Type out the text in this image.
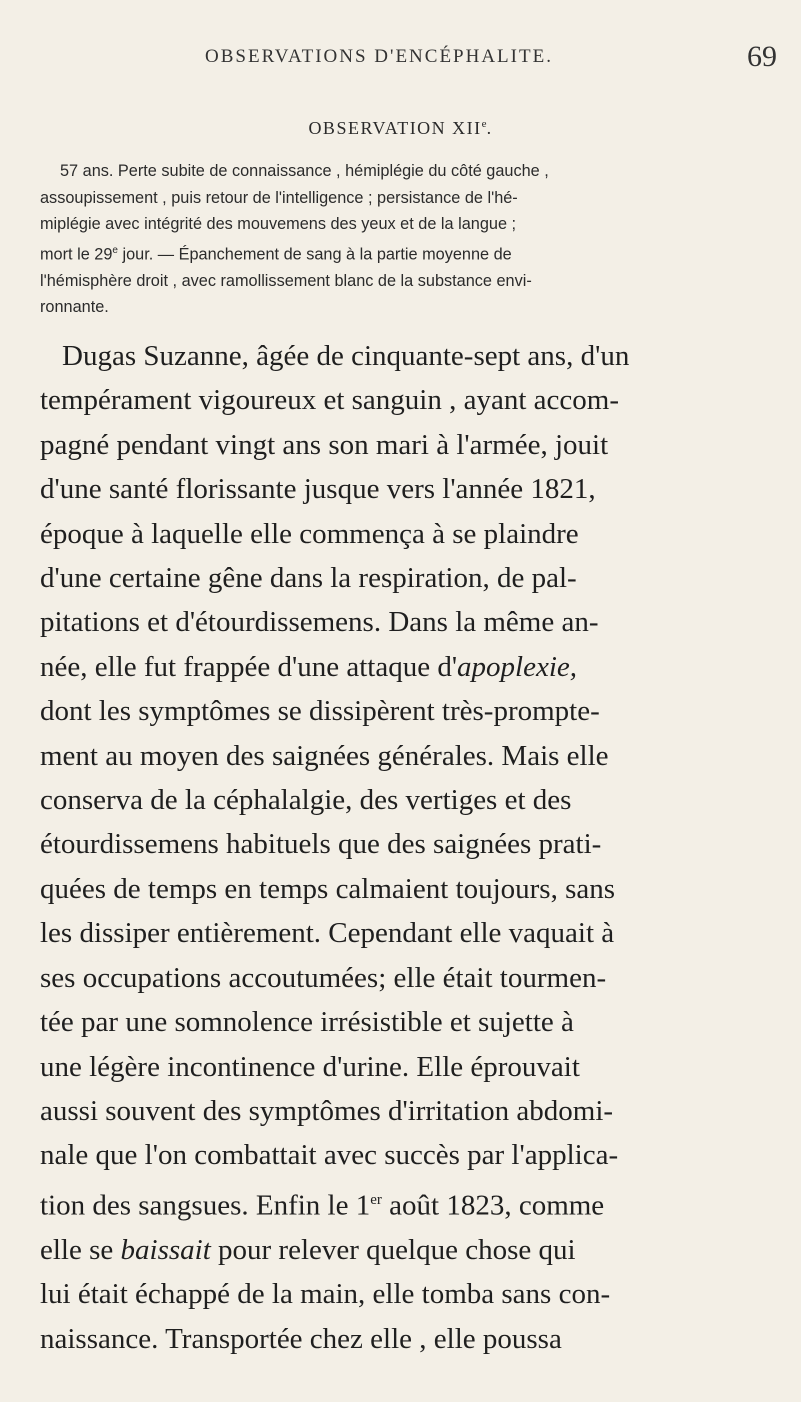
OBSERVATIONS D'ENCÉPHALITE.	69
OBSERVATION XIIe.
57 ans. Perte subite de connaissance , hémiplégie du côté gauche ,
assoupissement , puis retour de l'intelligence ; persistance de l'hé-
miplégie avec intégrité des mouvemens des yeux et de la langue ;
mort le 29e jour. — Épanchement de sang à la partie moyenne de
l'hémisphère droit , avec ramollissement blanc de la substance envi-
ronnante.
Dugas Suzanne, âgée de cinquante-sept ans, d'un
tempérament vigoureux et sanguin , ayant accom-
pagné pendant vingt ans son mari à l'armée, jouit
d'une santé florissante jusque vers l'année 1821,
époque à laquelle elle commença à se plaindre
d'une certaine gêne dans la respiration, de pal-
pitations et d'étourdissemens. Dans la même an-
née, elle fut frappée d'une attaque d'apoplexie,
dont les symptômes se dissipèrent très-prompte-
ment au moyen des saignées générales. Mais elle
conserva de la céphalalgie, des vertiges et des
étourdissemens habituels que des saignées prati-
quées de temps en temps calmaient toujours, sans
les dissiper entièrement. Cependant elle vaquait à
ses occupations accoutumées; elle était tourmen-
tée par une somnolence irrésistible et sujette à
une légère incontinence d'urine. Elle éprouvait
aussi souvent des symptômes d'irritation abdomi-
nale que l'on combattait avec succès par l'applica-
tion des sangsues. Enfin le 1er août 1823, comme
elle se baissait pour relever quelque chose qui
lui était échappé de la main, elle tomba sans con-
naissance. Transportée chez elle , elle poussa
